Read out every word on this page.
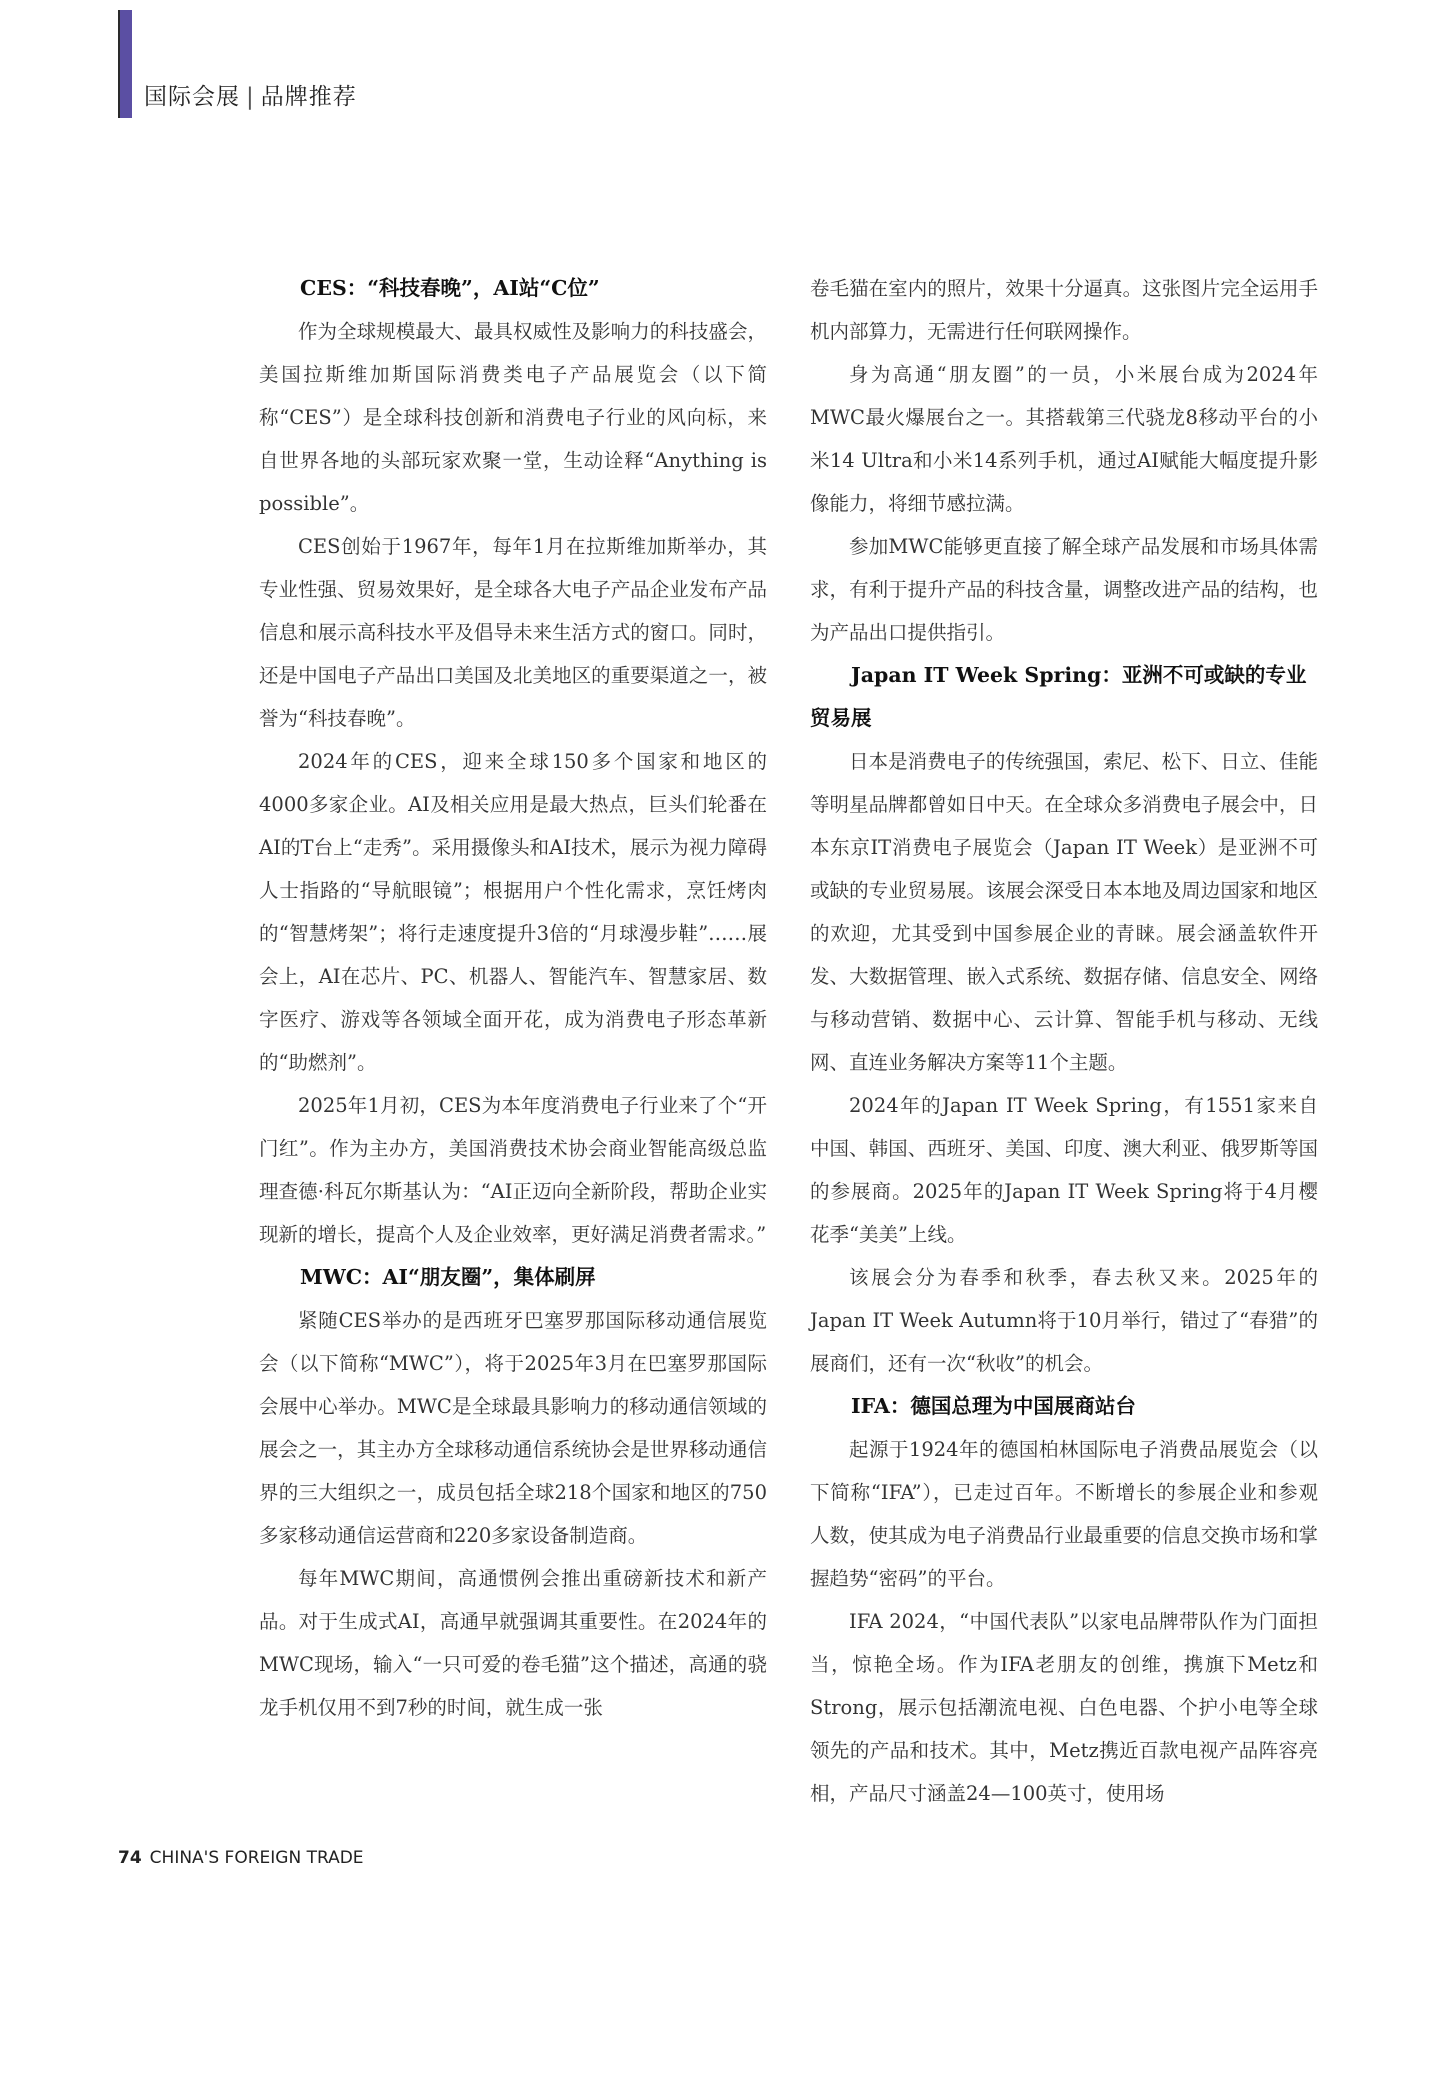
国际会展 | 品牌推荐

CES：“科技春晚”，AI站“C位”

作为全球规模最大、最具权威性及影响力的科技盛会，美国拉斯维加斯国际消费类电子产品展览会（以下简称“CES”）是全球科技创新和消费电子行业的风向标，来自世界各地的头部玩家欢聚一堂，生动诠释“Anything is possible”。

CES创始于1967年，每年1月在拉斯维加斯举办，其专业性强、贸易效果好，是全球各大电子产品企业发布产品信息和展示高科技水平及倡导未来生活方式的窗口。同时，还是中国电子产品出口美国及北美地区的重要渠道之一，被誉为“科技春晚”。

2024年的CES，迎来全球150多个国家和地区的4000多家企业。AI及相关应用是最大热点，巨头们轮番在AI的T台上“走秀”。采用摄像头和AI技术，展示为视力障碍人士指路的“导航眼镜”；根据用户个性化需求，烹饪烤肉的“智慧烤架”；将行走速度提升3倍的“月球漫步鞋”……展会上，AI在芯片、PC、机器人、智能汽车、智慧家居、数字医疗、游戏等各领域全面开花，成为消费电子形态革新的“助燃剂”。

2025年1月初，CES为本年度消费电子行业来了个“开门红”。作为主办方，美国消费技术协会商业智能高级总监理查德·科瓦尔斯基认为：“AI正迈向全新阶段，帮助企业实现新的增长，提高个人及企业效率，更好满足消费者需求。”

MWC：AI“朋友圈”，集体刷屏

紧随CES举办的是西班牙巴塞罗那国际移动通信展览会（以下简称“MWC”），将于2025年3月在巴塞罗那国际会展中心举办。MWC是全球最具影响力的移动通信领域的展会之一，其主办方全球移动通信系统协会是世界移动通信界的三大组织之一，成员包括全球218个国家和地区的750多家移动通信运营商和220多家设备制造商。

每年MWC期间，高通惯例会推出重磅新技术和新产品。对于生成式AI，高通早就强调其重要性。在2024年的MWC现场，输入“一只可爱的卷毛猫”这个描述，高通的骁龙手机仅用不到7秒的时间，就生成一张

卷毛猫在室内的照片，效果十分逼真。这张图片完全运用手机内部算力，无需进行任何联网操作。

身为高通“朋友圈”的一员，小米展台成为2024年MWC最火爆展台之一。其搭载第三代骁龙8移动平台的小米14 Ultra和小米14系列手机，通过AI赋能大幅度提升影像能力，将细节感拉满。

参加MWC能够更直接了解全球产品发展和市场具体需求，有利于提升产品的科技含量，调整改进产品的结构，也为产品出口提供指引。

Japan IT Week Spring：亚洲不可或缺的专业贸易展

日本是消费电子的传统强国，索尼、松下、日立、佳能等明星品牌都曾如日中天。在全球众多消费电子展会中，日本东京IT消费电子展览会（Japan IT Week）是亚洲不可或缺的专业贸易展。该展会深受日本本地及周边国家和地区的欢迎，尤其受到中国参展企业的青睐。展会涵盖软件开发、大数据管理、嵌入式系统、数据存储、信息安全、网络与移动营销、数据中心、云计算、智能手机与移动、无线网、直连业务解决方案等11个主题。

2024年的Japan IT Week Spring，有1551家来自中国、韩国、西班牙、美国、印度、澳大利亚、俄罗斯等国的参展商。2025年的Japan IT Week Spring将于4月樱花季“美美”上线。

该展会分为春季和秋季，春去秋又来。2025年的Japan IT Week Autumn将于10月举行，错过了“春猎”的展商们，还有一次“秋收”的机会。

IFA：德国总理为中国展商站台

起源于1924年的德国柏林国际电子消费品展览会（以下简称“IFA”），已走过百年。不断增长的参展企业和参观人数，使其成为电子消费品行业最重要的信息交换市场和掌握趋势“密码”的平台。

IFA 2024，“中国代表队”以家电品牌带队作为门面担当，惊艳全场。作为IFA老朋友的创维，携旗下Metz和Strong，展示包括潮流电视、白色电器、个护小电等全球领先的产品和技术。其中，Metz携近百款电视产品阵容亮相，产品尺寸涵盖24—100英寸，使用场

74 CHINA'S FOREIGN TRADE
